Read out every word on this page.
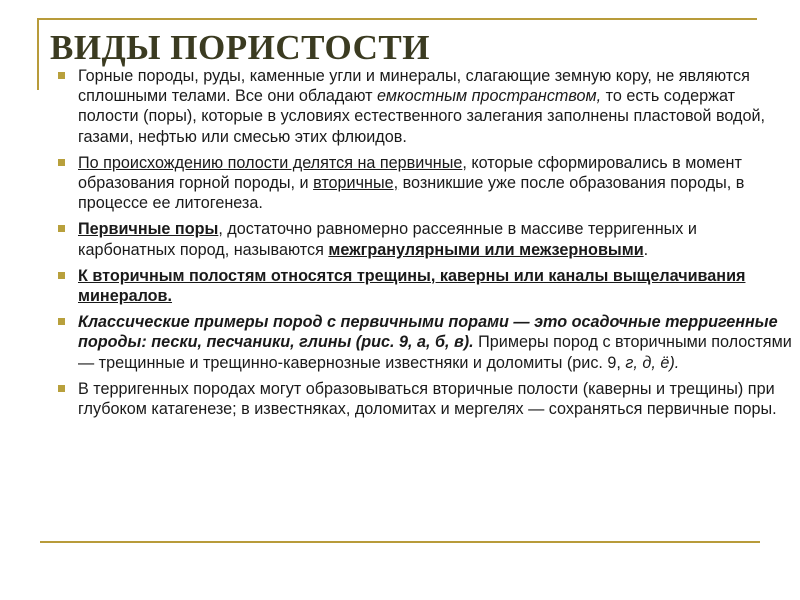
ВИДЫ ПОРИСТОСТИ
Горные породы, руды, каменные угли и минералы, слагающие земную кору, не являются сплошными телами. Все они обладают емкостным пространством, то есть содержат полости (поры), которые в условиях естественного залегания заполнены пластовой водой, газами, нефтью или смесью этих флюидов.
По происхождению полости делятся на первичные, которые сформировались в момент образования горной породы, и вторичные, возникшие уже после образования породы, в процессе ее литогенеза.
Первичные поры, достаточно равномерно рассеянные в массиве терригенных и карбонатных пород, называются межгранулярными или межзерновыми.
К вторичным полостям относятся трещины, каверны или каналы выщелачивания минералов.
Классические примеры пород с первичными порами — это осадочные терригенные породы: пески, песчаники, глины (рис. 9, а, б, в). Примеры пород с вторичными полостями — трещинные и трещинно-кавернозные известняки и доломиты (рис. 9, г, д, ё).
В терригенных породах могут образовываться вторичные полости (каверны и трещины) при глубоком катагенезе; в известняках, доломитах и мергелях — сохраняться первичные поры.
